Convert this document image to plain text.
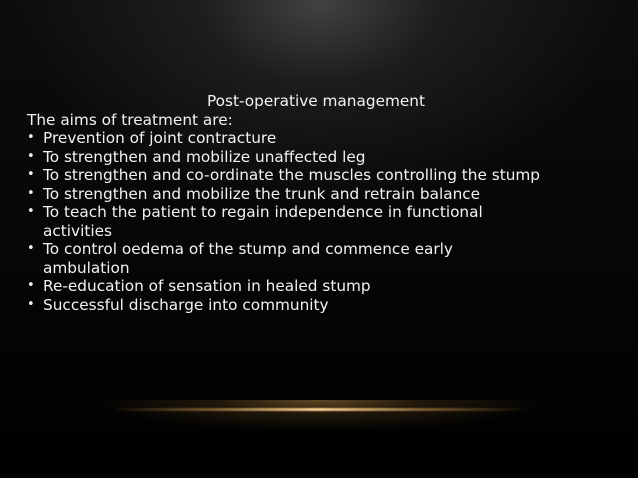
Post-operative management

The aims of treatment are:

• Prevention of joint contracture
• To strengthen and mobilize unaffected leg
• To strengthen and co-ordinate the muscles controlling the stump
• To strengthen and mobilize the trunk and retrain balance
• To teach the patient to regain independence in functional activities
• To control oedema of the stump and commence early ambulation
• Re-education of sensation in healed stump
• Successful discharge into community
